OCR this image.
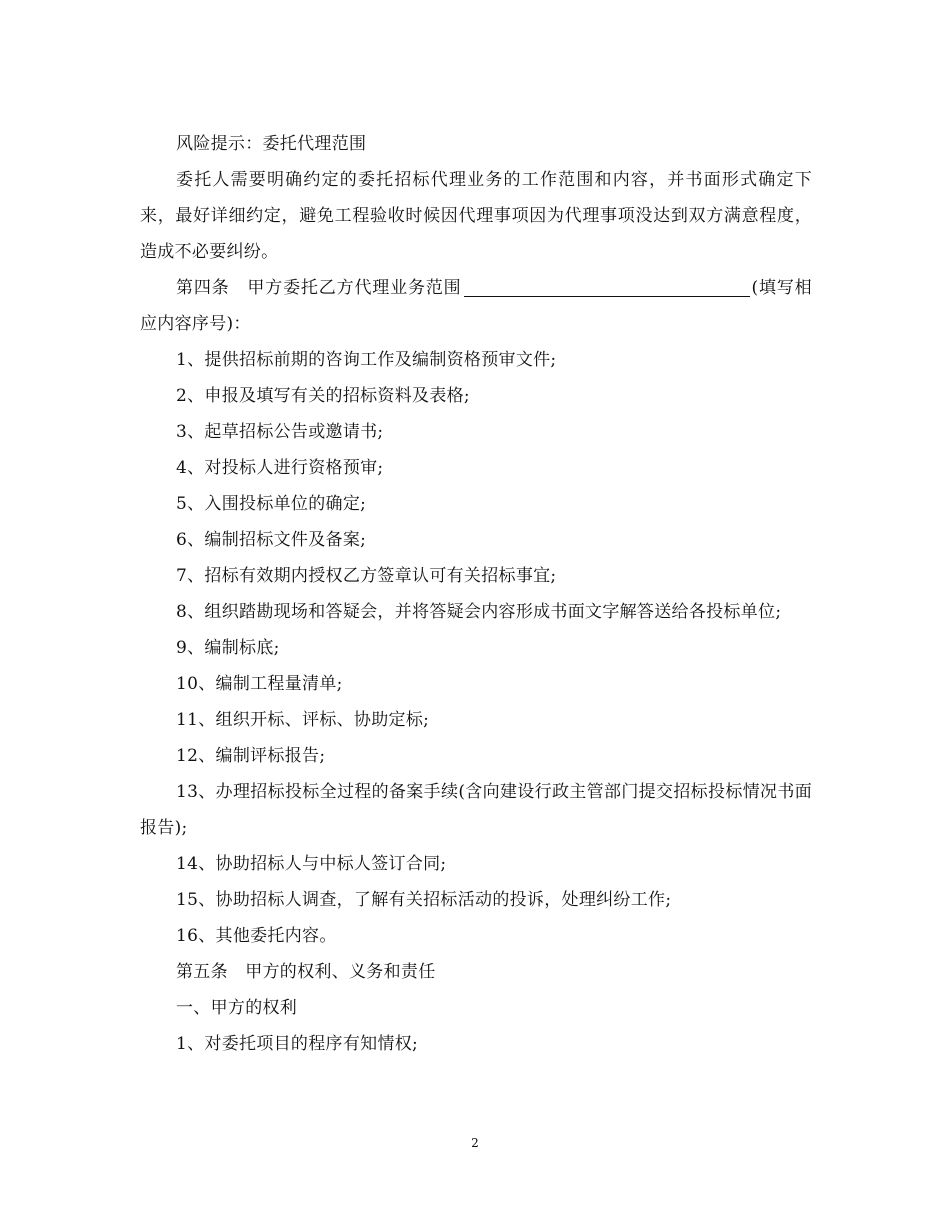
风险提示：委托代理范围

委托人需要明确约定的委托招标代理业务的工作范围和内容，并书面形式确定下来，最好详细约定，避免工程验收时候因代理事项因为代理事项没达到双方满意程度，造成不必要纠纷。

第四条　甲方委托乙方代理业务范围	(填写相应内容序号)：

1、提供招标前期的咨询工作及编制资格预审文件;

2、申报及填写有关的招标资料及表格;

3、起草招标公告或邀请书;

4、对投标人进行资格预审;

5、入围投标单位的确定;

6、编制招标文件及备案;

7、招标有效期内授权乙方签章认可有关招标事宜;

8、组织踏勘现场和答疑会，并将答疑会内容形成书面文字解答送给各投标单位;

9、编制标底;

10、编制工程量清单;

11、组织开标、评标、协助定标;

12、编制评标报告;

13、办理招标投标全过程的备案手续(含向建设行政主管部门提交招标投标情况书面报告);

14、协助招标人与中标人签订合同;

15、协助招标人调查，了解有关招标活动的投诉，处理纠纷工作;

16、其他委托内容。

第五条　甲方的权利、义务和责任

一、甲方的权利

1、对委托项目的程序有知情权;

2
